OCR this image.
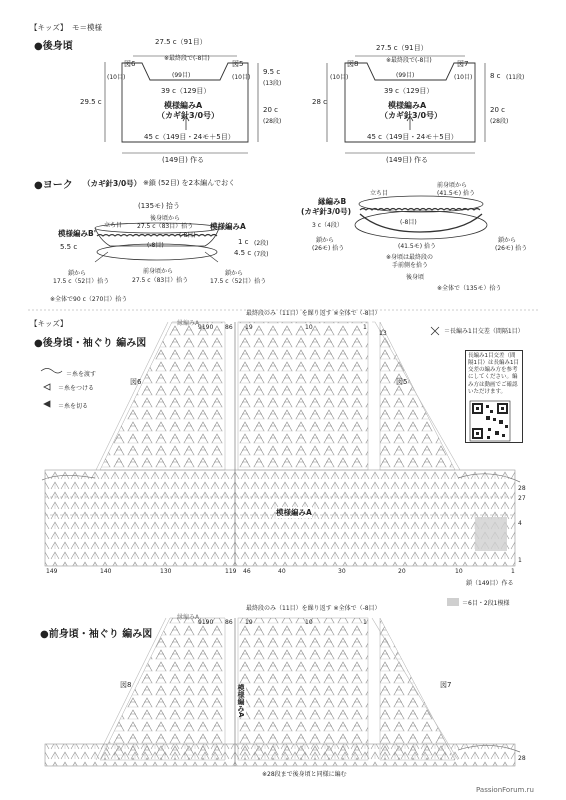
【キッズ】 モ＝模様
●後身頃	27.5 c（91目）
※最終段で(-8目)
図6	図5
(10目)	(10目)
(99目)
39 c（129目）
模様編みA
（カギ針3/0号）
45 c（149目・24モ＋5目）
(149目) 作る
29.5 c
9.5 c
(13段)
20 c
(28段)
27.5 c（91目）
※最終段で(-8目)
図8	図7
(10目)	(10目)
(99目)
39 c（129目）
模様編みA
（カギ針3/0号）
45 c（149目・24モ＋5目）
(149目) 作る
28 c
8 c (11段)
20 c
(28段)
●ヨーク （カギ針3/0号） ※鎖 (52目) を2本編んでおく
(135モ) 拾う
模様編みB'
立ち目
後身頃から
27.5 c（83目）拾う 模様編みA
(-8目)
(-8目)
5.5 c
1 c (2段)
4.5 c (7段)
鎖から
17.5 c（52目）拾う
前身頃から
27.5 c（83目）拾う
鎖から
17.5 c（52目）拾う
※全体で90 c（270目）拾う
縁編みB
(カギ針3/0号)
立ち目
前身頃から
(41.5モ) 拾う
3 c（4段）	(-8目)
鎖から
(26モ) 拾う	(41.5モ) 拾う
鎖から
(26モ) 拾う
※身頃は最終段の
手前側を拾う
後身頃
※全体で（135モ）拾う
【キッズ】
●後身頃・袖ぐり 編み図
最終段のみ（11目）を繰り返す ※全体で（-8目）
縁編みA
9190 86 19	10	1
13
図6	図5
模様編みA
28
27
4
1
149	140	130	119 46	40	30	20	10	1
鎖（149目）作る
＝6目・2段1模様
＝長編み1目交差（間隔1目）
＝糸を渡す
＝糸をつける
＝糸を切る
長編み1目交差（間隔1目）は長編み1目交差の編み方を参考にしてください。編み方は動画でご確認いただけます。
●前身頃・袖ぐり 編み図
最終段のみ（11目）を繰り返す ※全体で（-8目）
縁編みA
9190 86 19	10	1
図8	図7
模様編みA
28
※28段まで後身頃と同様に編む
PassionForum.ru
